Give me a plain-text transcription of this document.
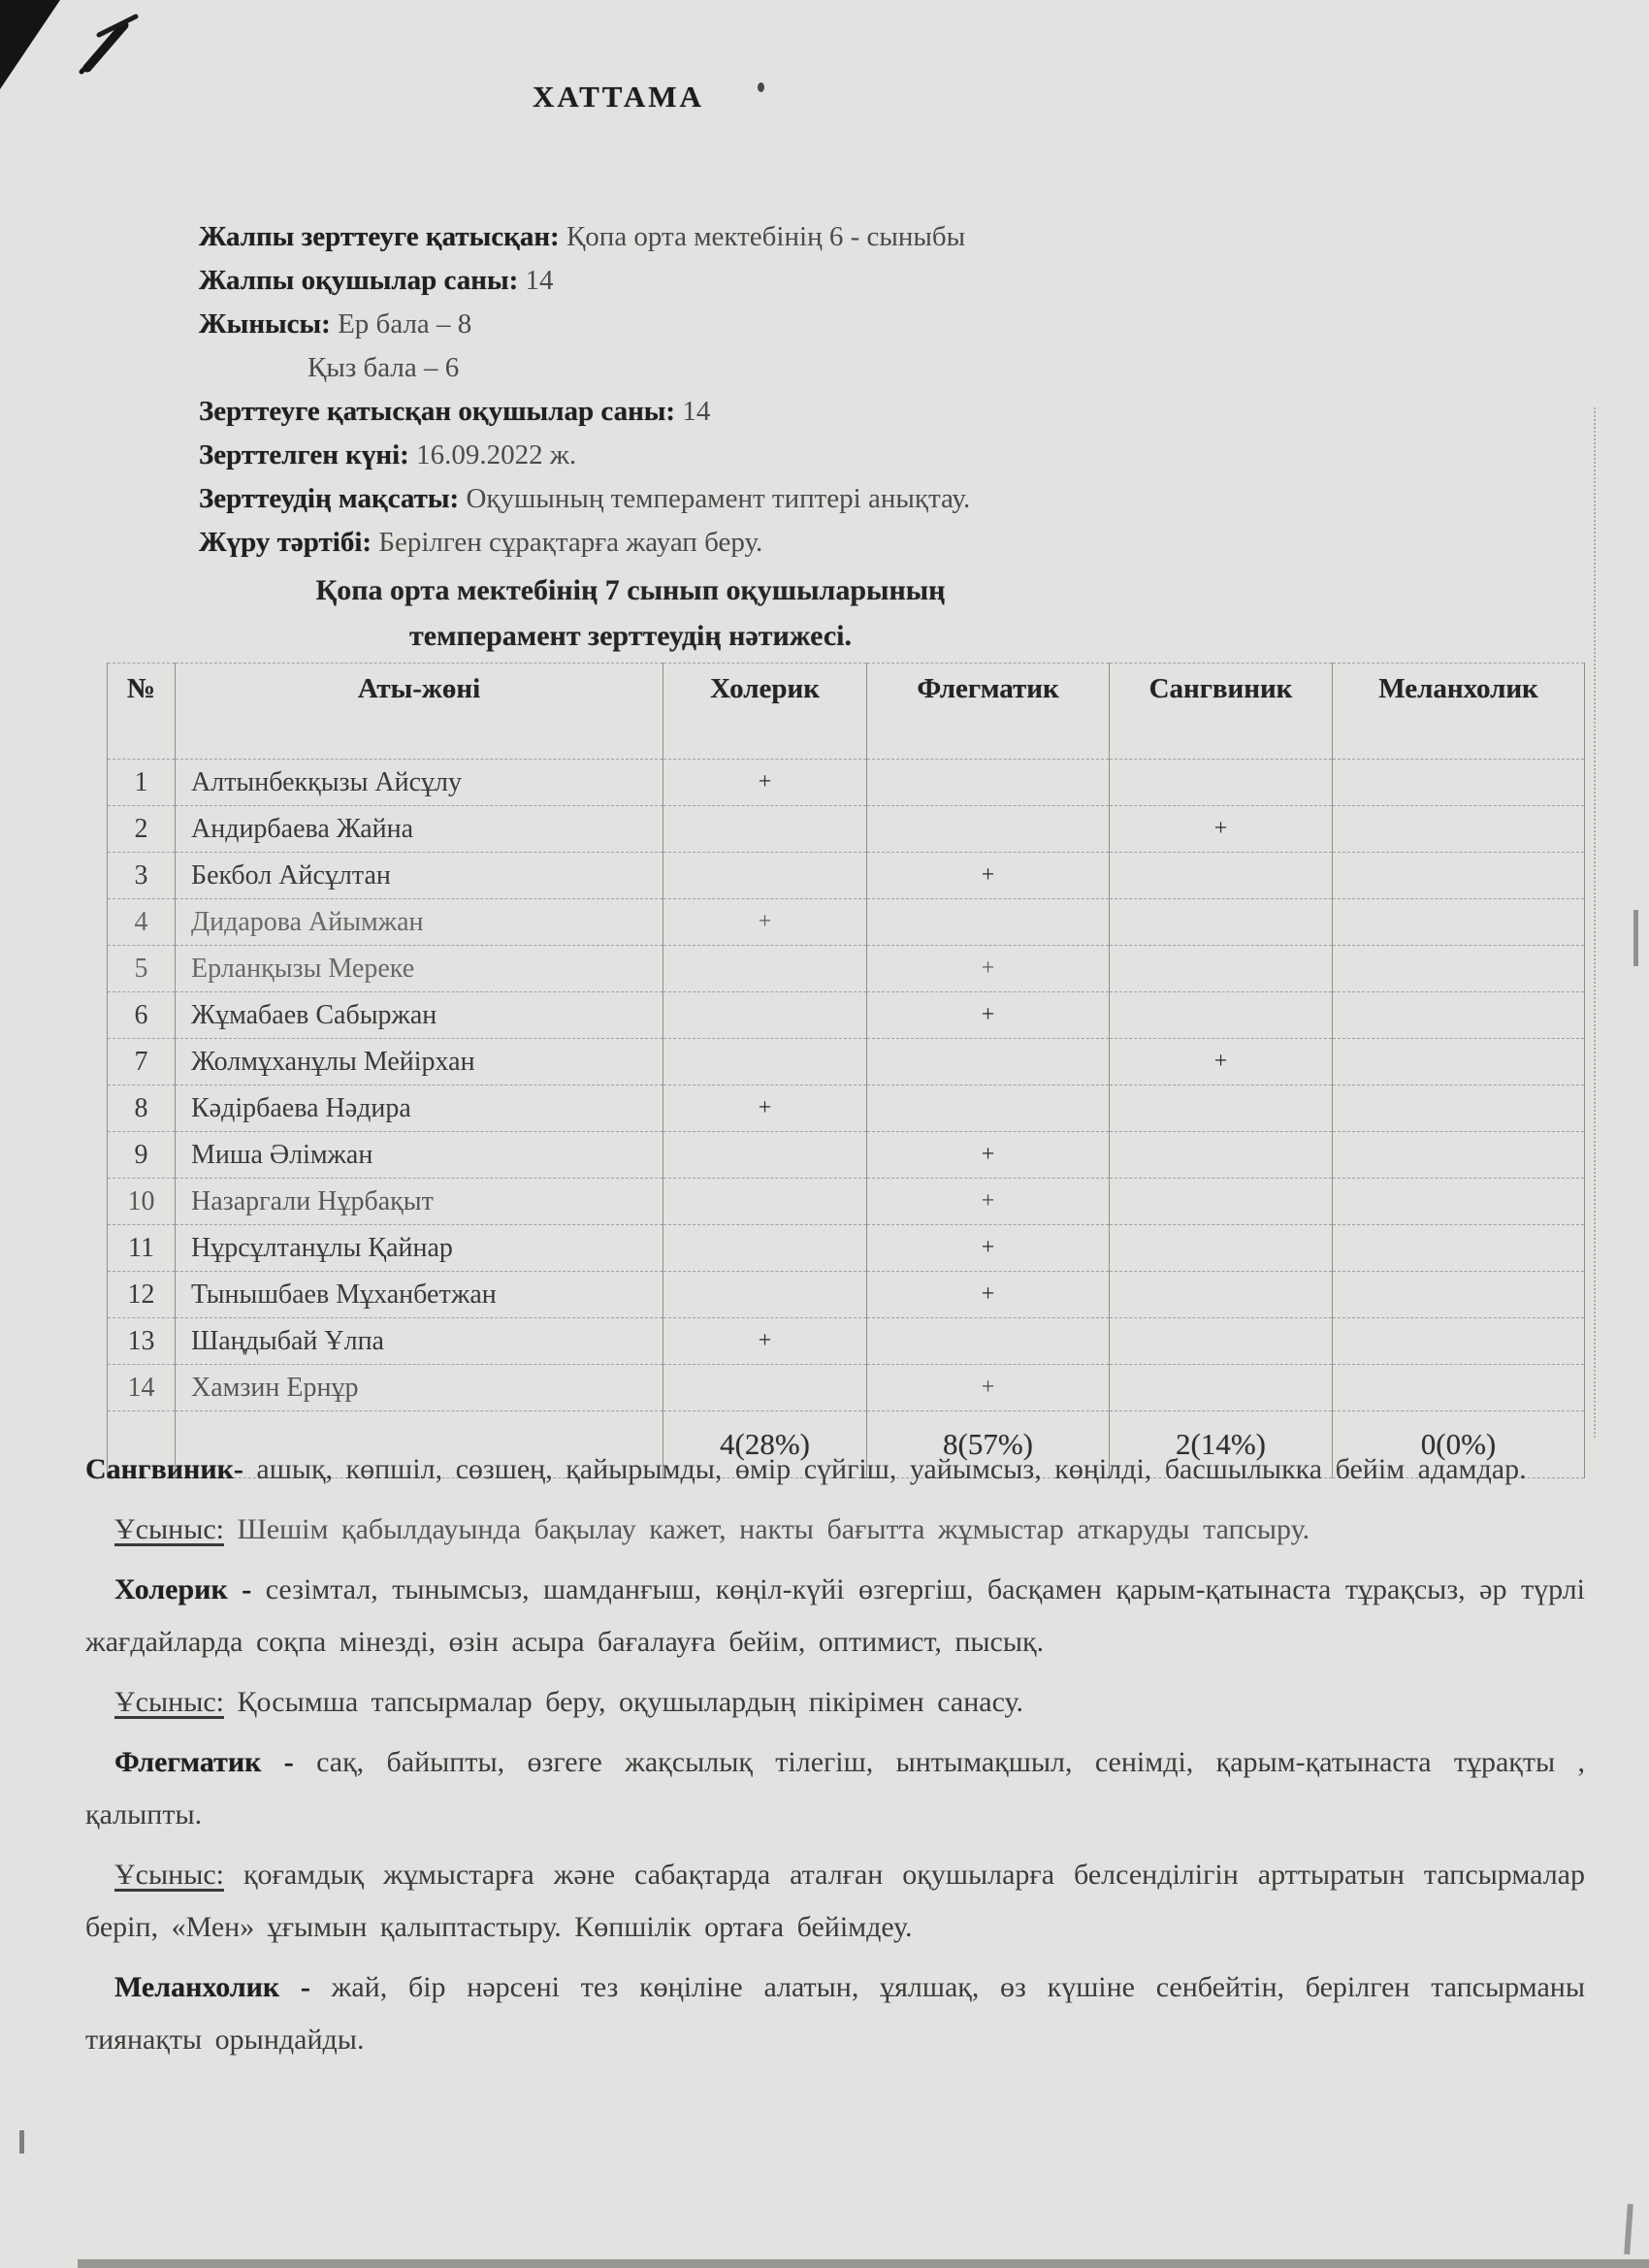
ХАТТАМА
Жалпы зерттеуге қатысқан: Қопа орта мектебінің 6 - сыныбы
Жалпы оқушылар саны: 14
Жынысы: Ер бала – 8
Қыз бала – 6
Зерттеуге қатысқан оқушылар саны: 14
Зерттелген күні: 16.09.2022 ж.
Зерттеудің мақсаты: Оқушының темперамент типтері анықтау.
Жүру тәртібі: Берілген сұрақтарға жауап беру.
Қопа орта мектебінің 7 сынып оқушыларының
темперамент зерттеудің нәтижесі.
№	Аты-жөні	Холерик	Флегматик	Сангвиник	Меланхолик
1	Алтынбекқызы Айсұлу	+			
2	Андирбаева Жайна			+	
3	Бекбол Айсұлтан		+		
4	Дидарова Айымжан	+			
5	Ерланқызы Мереке		+		
6	Жұмабаев Сабыржан		+		
7	Жолмұханұлы Мейірхан			+	
8	Кәдірбаева Нәдира	+			
9	Миша Әлімжан		+		
10	Назаргали Нұрбақыт		+		
11	Нұрсұлтанұлы Қайнар		+		
12	Тынышбаев Мұханбетжан		+		
13	Шаңдыбай Ұлпа	+			
14	Хамзин Ернұр		+		
		4(28%)	8(57%)	2(14%)	0(0%)

Сангвиник- ашық, көпшіл, сөзшең, қайырымды, өмір сүйгіш, уайымсыз, көңілді, басшылыкка бейім адамдар.

Ұсыныс: Шешім қабылдауында бақылау кажет, накты бағытта жұмыстар аткаруды тапсыру.

Холерик - сезімтал, тынымсыз, шамданғыш, көңіл-күйі өзгергіш, басқамен қарым-қатынаста тұрақсыз, әр түрлі жағдайларда соқпа мінезді, өзін асыра бағалауға бейім, оптимист, пысық.

Ұсыныс: Қосымша тапсырмалар беру, оқушылардың пікірімен санасу.

Флегматик - сақ, байыпты, өзгеге жақсылық тілегіш, ынтымақшыл, сенімді, қарым-қатынаста тұрақты , қалыпты.

Ұсыныс: қоғамдық жұмыстарға және сабақтарда аталған оқушыларға белсенділігін арттыратын тапсырмалар беріп, «Мен» ұғымын қалыптастыру. Көпшілік ортаға бейімдеу.

Меланхолик - жай, бір нәрсені тез көңіліне алатын, ұялшақ, өз күшіне сенбейтін, берілген тапсырманы тиянақты орындайды.
